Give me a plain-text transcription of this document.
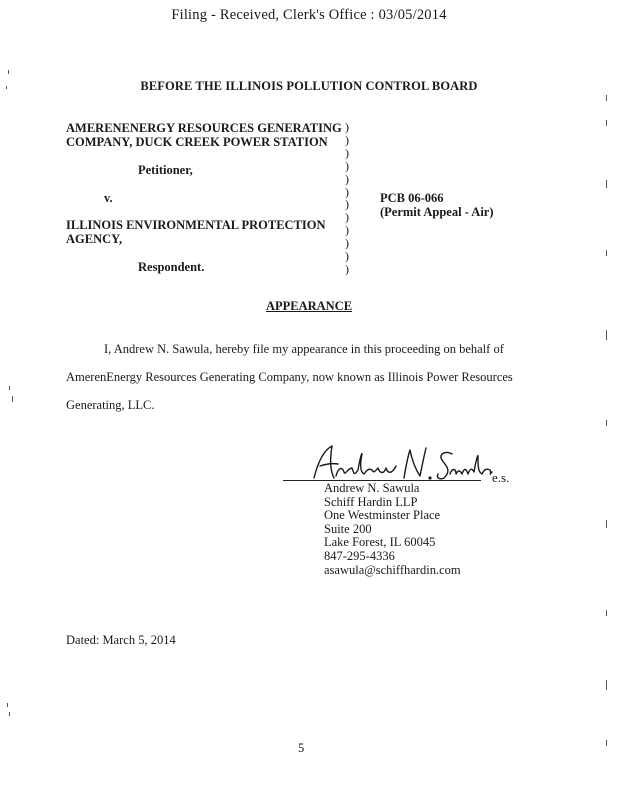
Filing - Received, Clerk's Office : 03/05/2014
BEFORE THE ILLINOIS POLLUTION CONTROL BOARD
AMERENENERGY RESOURCES GENERATING
COMPANY, DUCK CREEK POWER STATION
Petitioner,
v.
ILLINOIS ENVIRONMENTAL PROTECTION
AGENCY,
Respondent.
)
)
)
)
)
)
)
)
)
)
)
)
PCB 06-066
(Permit Appeal - Air)
APPEARANCE
I, Andrew N. Sawula, hereby file my appearance in this proceeding on behalf of
AmerenEnergy Resources Generating Company, now known as Illinois Power Resources
Generating, LLC.
e.s.
Andrew N. Sawula
Schiff Hardin LLP
One Westminster Place
Suite 200
Lake Forest, IL 60045
847-295-4336
asawula@schiffhardin.com
Dated: March 5, 2014
5
